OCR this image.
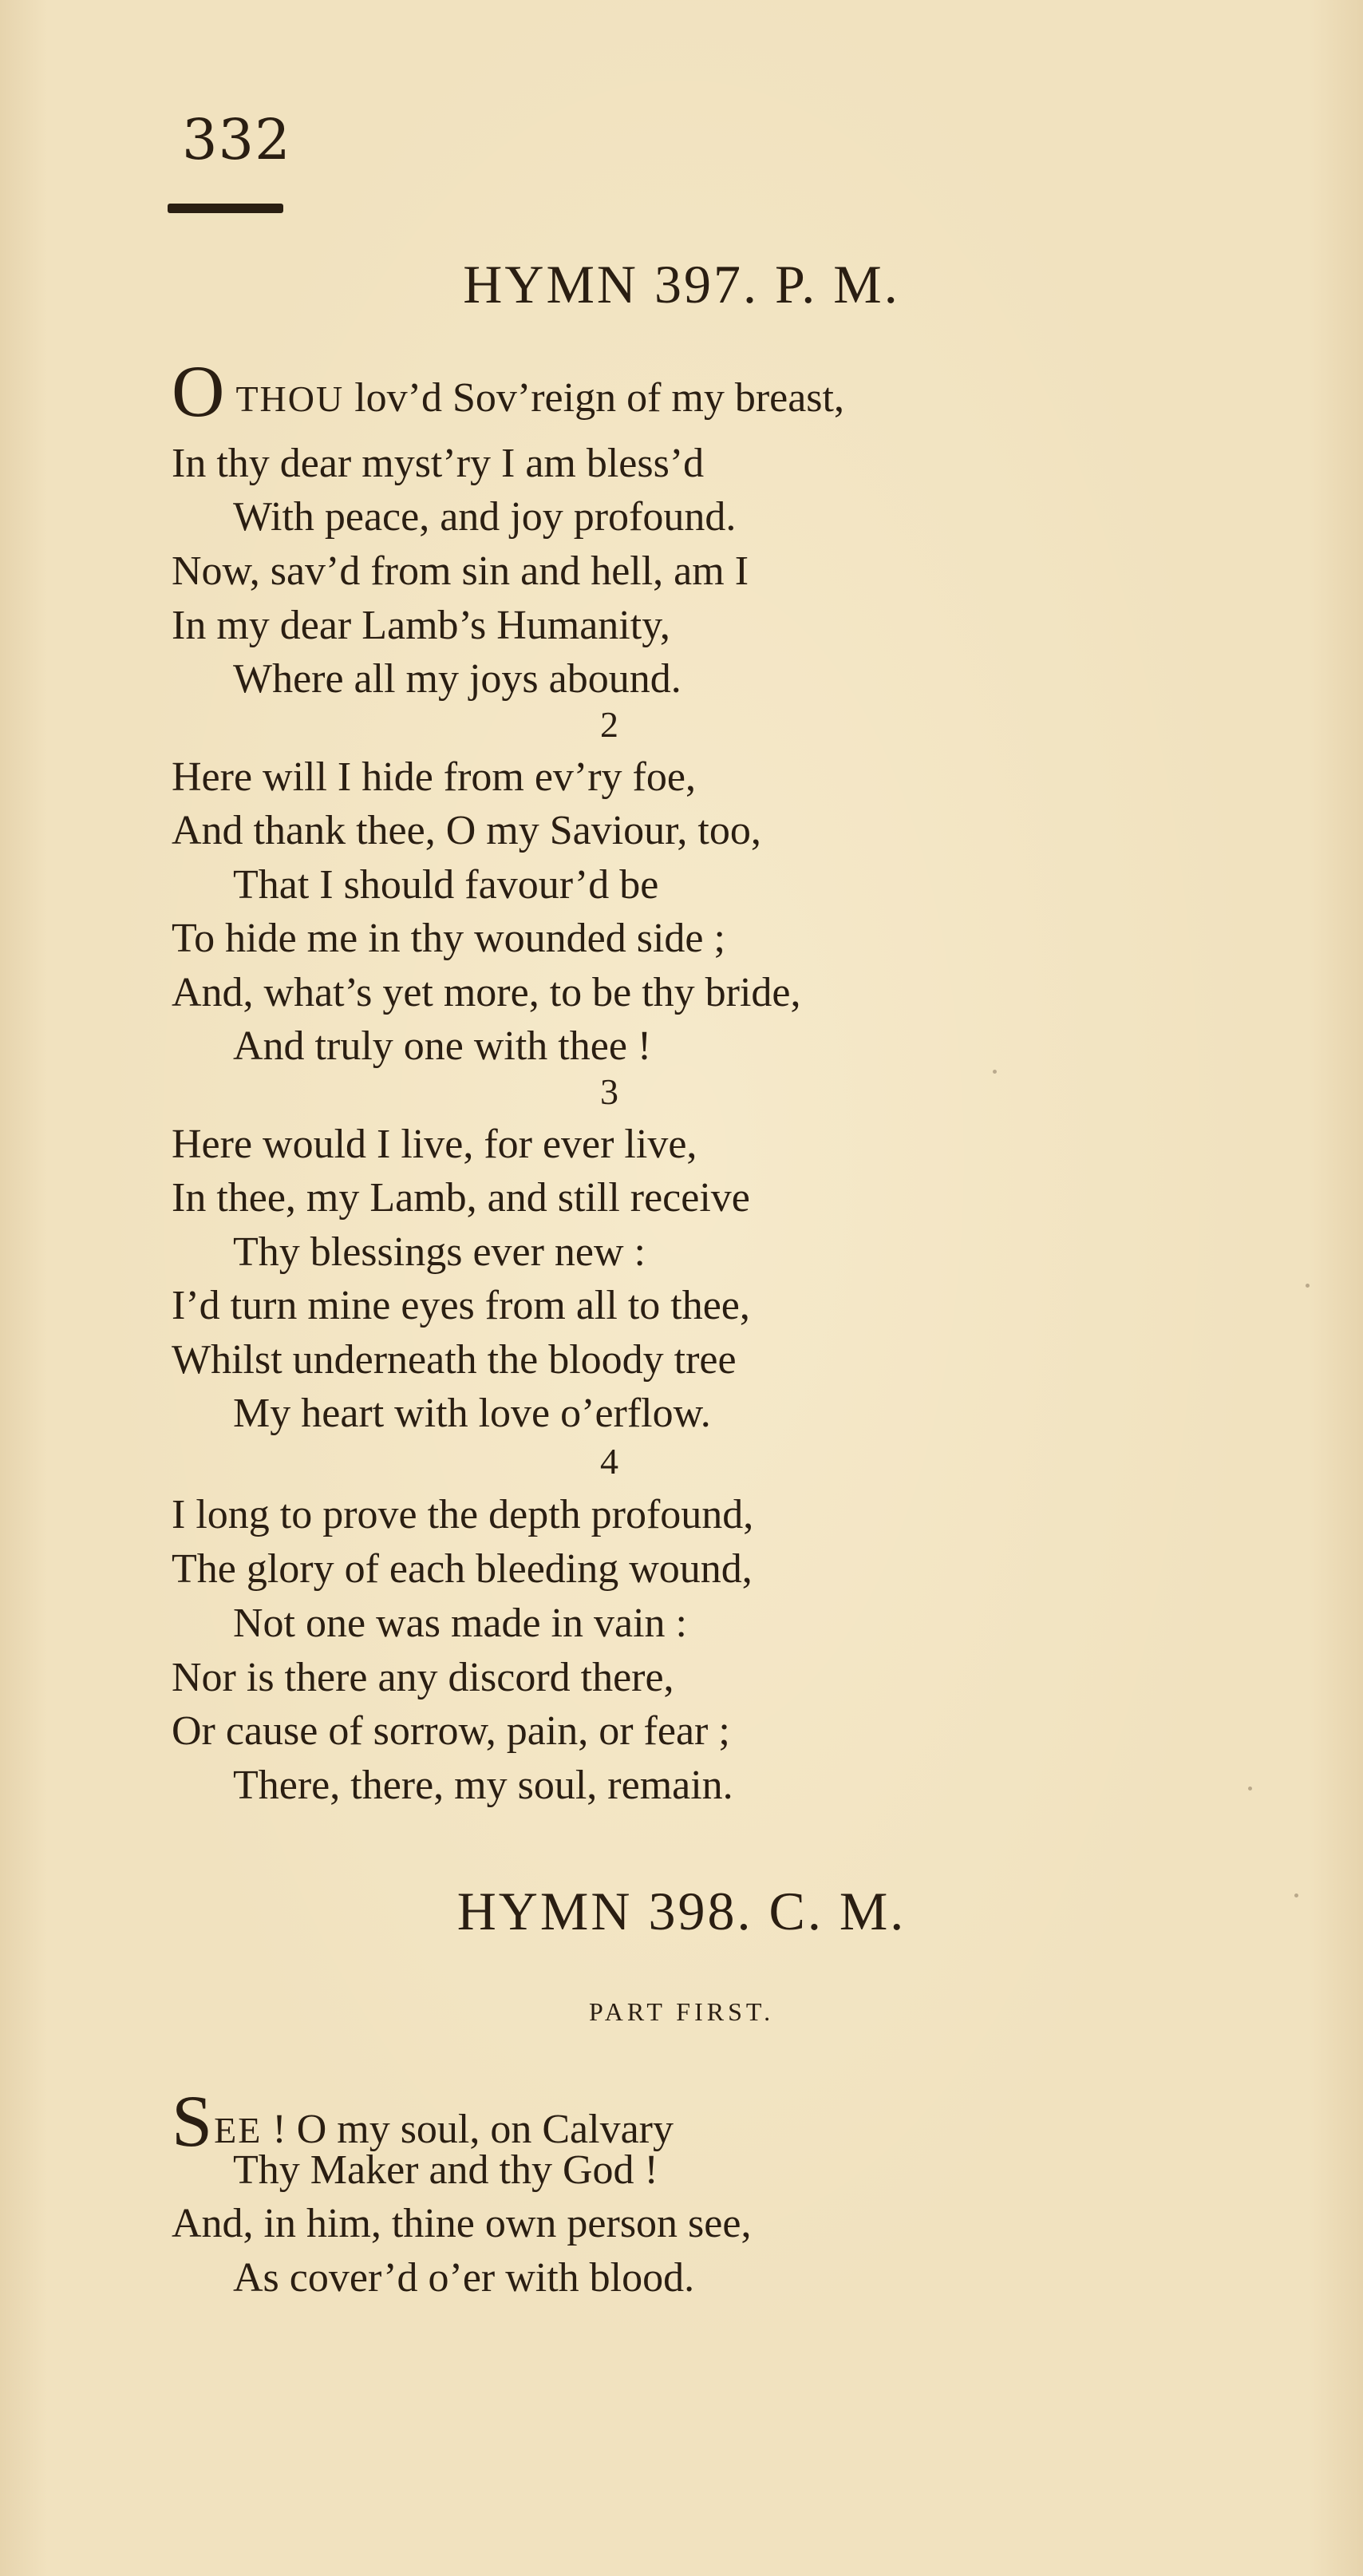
332
HYMN 397. P. M.
OTHOU lov’d Sov’reign of my breast,
In thy dear myst’ry I am bless’d
With peace, and joy profound.
Now, sav’d from sin and hell, am I
In my dear Lamb’s Humanity,
Where all my joys abound.
2
Here will I hide from ev’ry foe,
And thank thee, O my Saviour, too,
That I should favour’d be
To hide me in thy wounded side ;
And, what’s yet more, to be thy bride,
And truly one with thee !
3
Here would I live, for ever live,
In thee, my Lamb, and still receive
Thy blessings ever new :
I’d turn mine eyes from all to thee,
Whilst underneath the bloody tree
My heart with love o’erflow.
4
I long to prove the depth profound,
The glory of each bleeding wound,
Not one was made in vain :
Nor is there any discord there,
Or cause of sorrow, pain, or fear ;
There, there, my soul, remain.
HYMN 398. C. M.
PART FIRST.
SEE ! O my soul, on Calvary
Thy Maker and thy God !
And, in him, thine own person see,
As cover’d o’er with blood.
